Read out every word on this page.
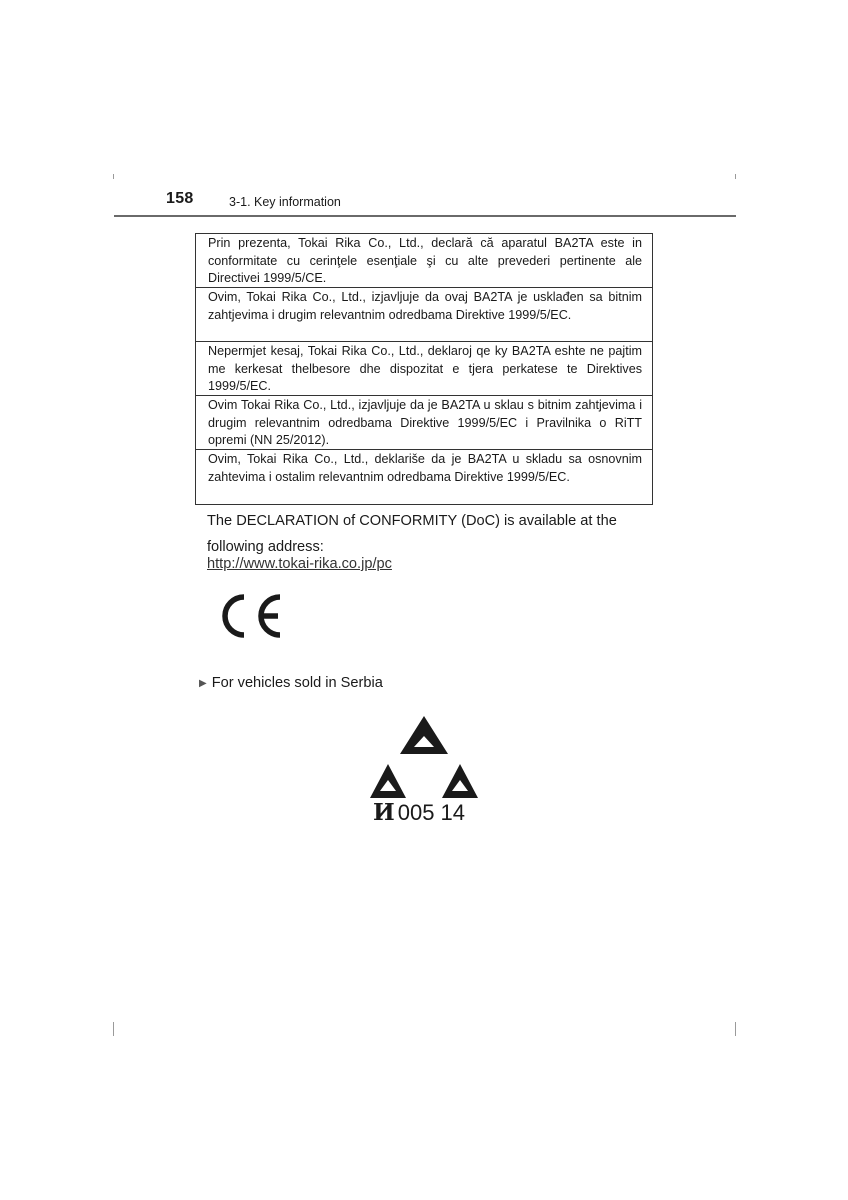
158	3-1. Key information
Prin prezenta, Tokai Rika Co., Ltd., declară că aparatul BA2TA este in conformitate cu cerinţele esenţiale şi cu alte prevederi pertinente ale Directivei 1999/5/CE.
Ovim, Tokai Rika Co., Ltd., izjavljuje da ovaj BA2TA je usklađen sa bitnim zahtjevima i drugim relevantnim odredbama Direktive 1999/5/EC.
Nepermjet kesaj, Tokai Rika Co., Ltd., deklaroj qe ky BA2TA eshte ne pajtim me kerkesat thelbesore dhe dispozitat e tjera perkatese te Direktives 1999/5/EC.
Ovim Tokai Rika Co., Ltd., izjavljuje da je BA2TA u sklau s bitnim zahtjevima i drugim relevantnim odredbama Direktive 1999/5/EC i Pravilnika o RiTT opremi (NN 25/2012).
Ovim, Tokai Rika Co., Ltd., deklariše da je BA2TA u skladu sa osnovnim zahtevima i ostalim relevantnim odredbama Direktive 1999/5/EC.
The DECLARATION of CONFORMITY (DoC) is available at the following address:
http://www.tokai-rika.co.jp/pc
▶ For vehicles sold in Serbia
И 005 14
